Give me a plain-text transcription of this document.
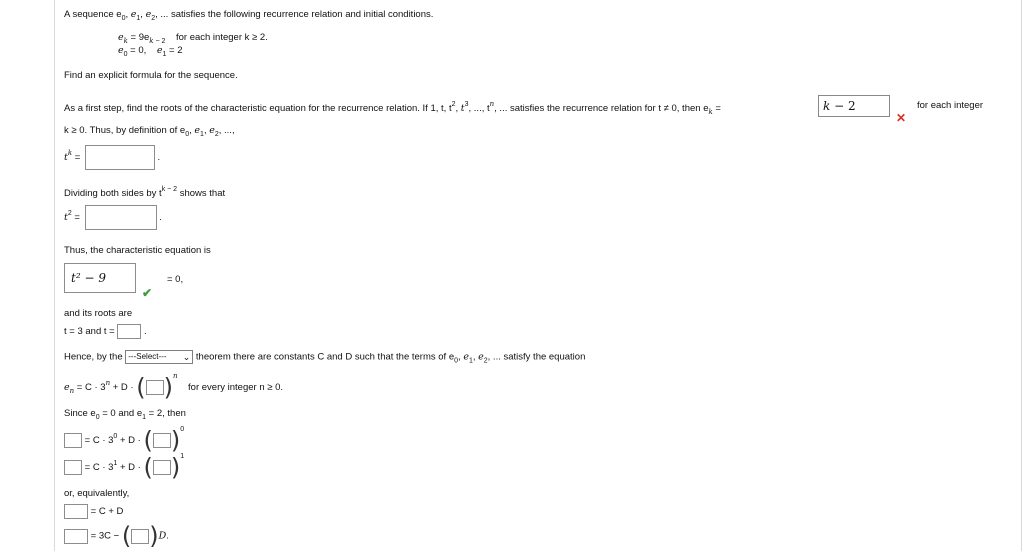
A sequence $e_0$, $e_1$, $e_2$, ... satisfies the following recurrence relation and initial conditions.
$e_k = 9e_{k - 2}$ for each integer k ≥ 2.
$e_0 = 0$,    $e_1 = 2$
Find an explicit formula for the sequence.
As a first step, find the roots of the characteristic equation for the recurrence relation. If 1, t, $t^2$, $t^3$, ..., $t^n$, ... satisfies the recurrence relation for t ≠ 0, then $e_k$ =	k − 2
✕
for each integer
k ≥ 0. Thus, by definition of $e_0$, $e_1$, $e_2$, ...,
$t^k$ =	.
Dividing both sides by $t^{k - 2}$ shows that
$t^2$ =	.
Thus, the characteristic equation is
t² − 9	= 0,
✔
and its roots are
t = 3 and t =	.
Hence, by the ---Select--- ⌄ theorem there are constants C and D such that the terms of $e_0$, $e_1$, $e_2$, ... satisfy the equation
$e_n = C \cdot 3^n + D$ · ( )$^n$    for every integer n ≥ 0.
Since $e_0 = 0$ and $e_1 = 2$, then
= $C \cdot 3^0 + D$ · ( )$^0$
= $C \cdot 3^1 + D$ · ( )$^1$
or, equivalently,
= C + D
= 3C − ( )D.
